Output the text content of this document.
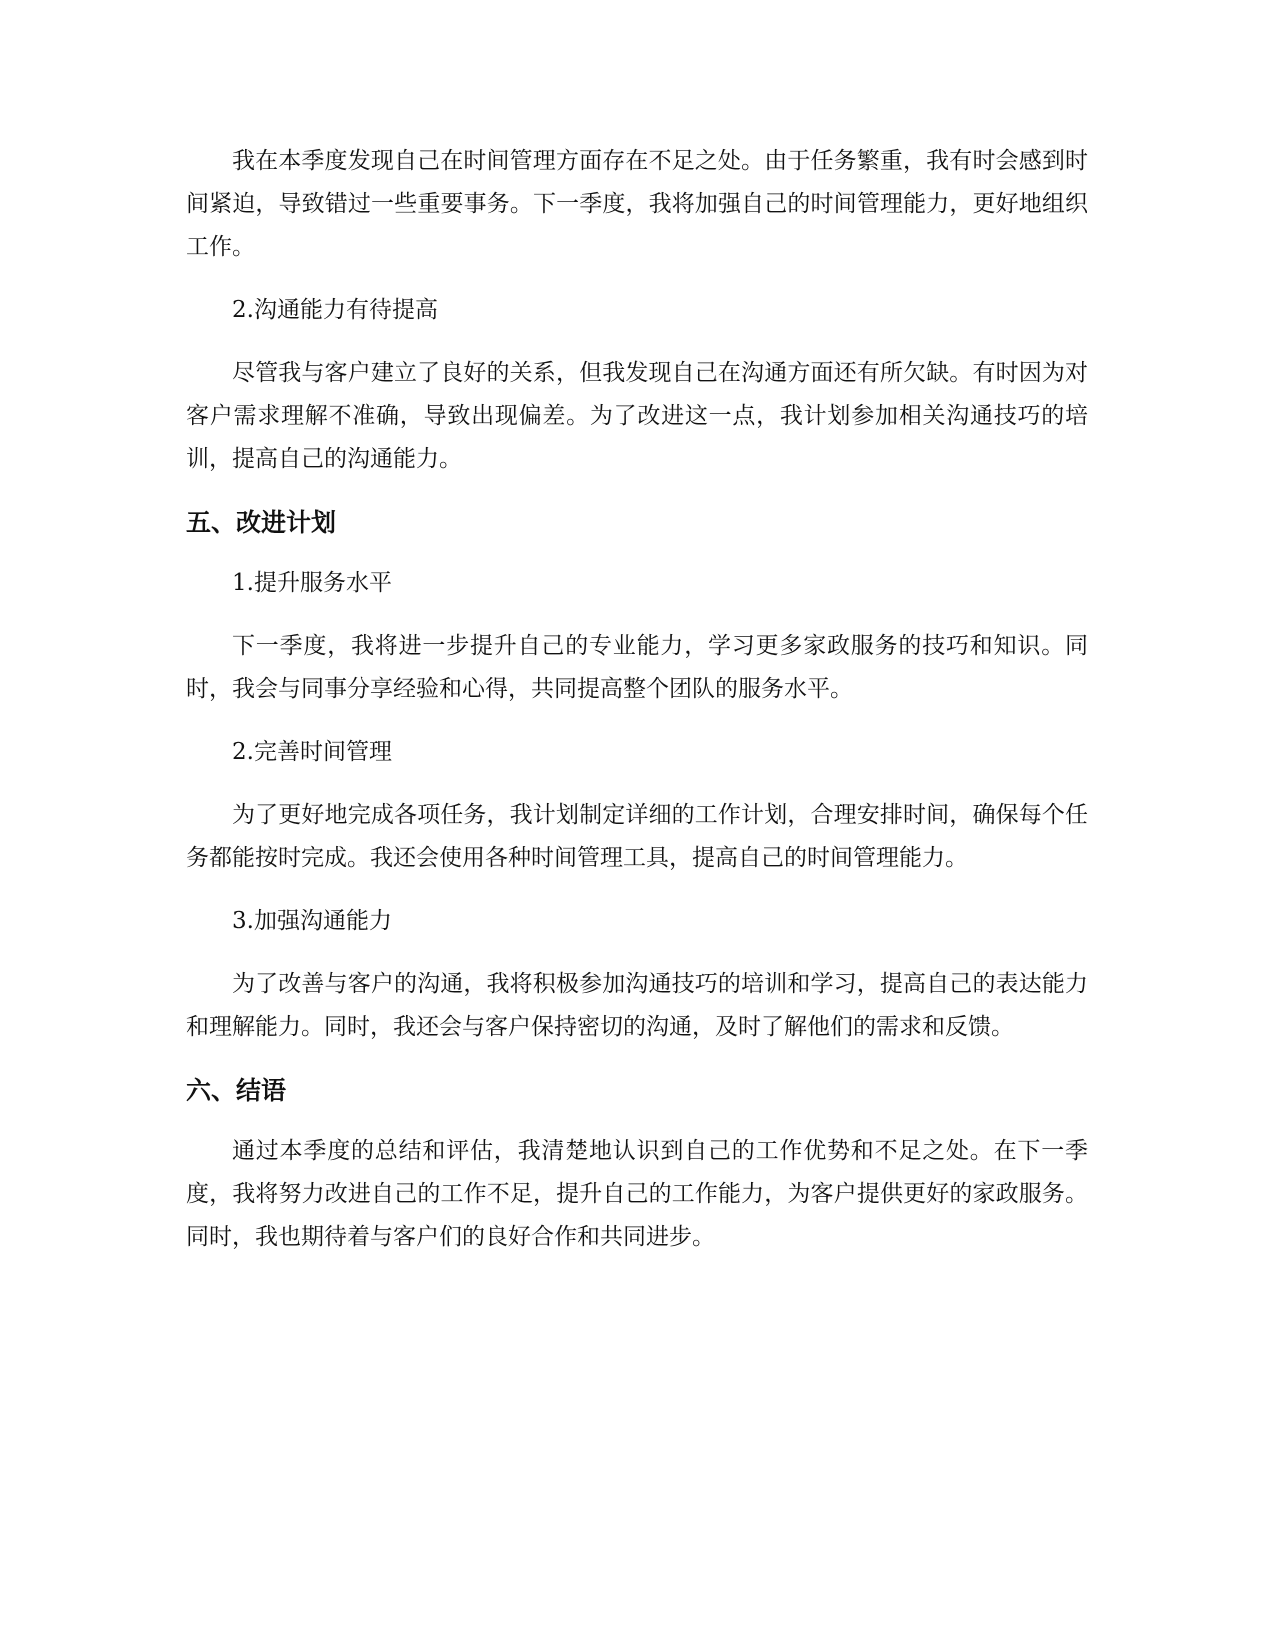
我在本季度发现自己在时间管理方面存在不足之处。由于任务繁重，我有时会感到时间紧迫，导致错过一些重要事务。下一季度，我将加强自己的时间管理能力，更好地组织工作。

2.沟通能力有待提高

尽管我与客户建立了良好的关系，但我发现自己在沟通方面还有所欠缺。有时因为对客户需求理解不准确，导致出现偏差。为了改进这一点，我计划参加相关沟通技巧的培训，提高自己的沟通能力。

五、改进计划

1.提升服务水平

下一季度，我将进一步提升自己的专业能力，学习更多家政服务的技巧和知识。同时，我会与同事分享经验和心得，共同提高整个团队的服务水平。

2.完善时间管理

为了更好地完成各项任务，我计划制定详细的工作计划，合理安排时间，确保每个任务都能按时完成。我还会使用各种时间管理工具，提高自己的时间管理能力。

3.加强沟通能力

为了改善与客户的沟通，我将积极参加沟通技巧的培训和学习，提高自己的表达能力和理解能力。同时，我还会与客户保持密切的沟通，及时了解他们的需求和反馈。

六、结语

通过本季度的总结和评估，我清楚地认识到自己的工作优势和不足之处。在下一季度，我将努力改进自己的工作不足，提升自己的工作能力，为客户提供更好的家政服务。同时，我也期待着与客户们的良好合作和共同进步。
